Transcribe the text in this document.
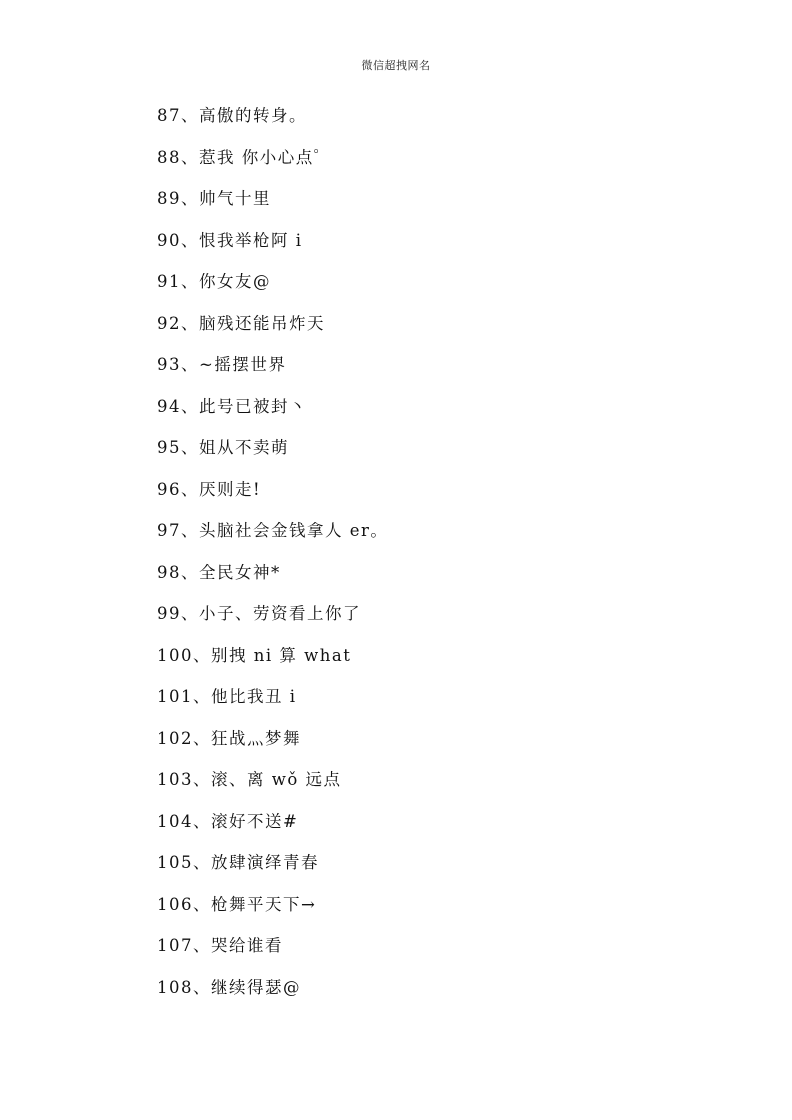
微信超拽网名
87、高傲的转身。
88、惹我 你小心点゜
89、帅气十里
90、恨我举枪阿 i
91、你女友@
92、脑残还能吊炸天
93、~摇摆世界
94、此号已被封丶
95、姐从不卖萌
96、厌则走!
97、头脑社会金钱拿人 er。
98、全民女神*
99、小子、劳资看上你了
100、别拽 ni 算 what
101、他比我丑 i
102、狂战灬梦舞
103、滚、离 wǒ 远点
104、滚好不送#
105、放肆演绎青春
106、枪舞平天下→
107、哭给谁看
108、继续得瑟@
